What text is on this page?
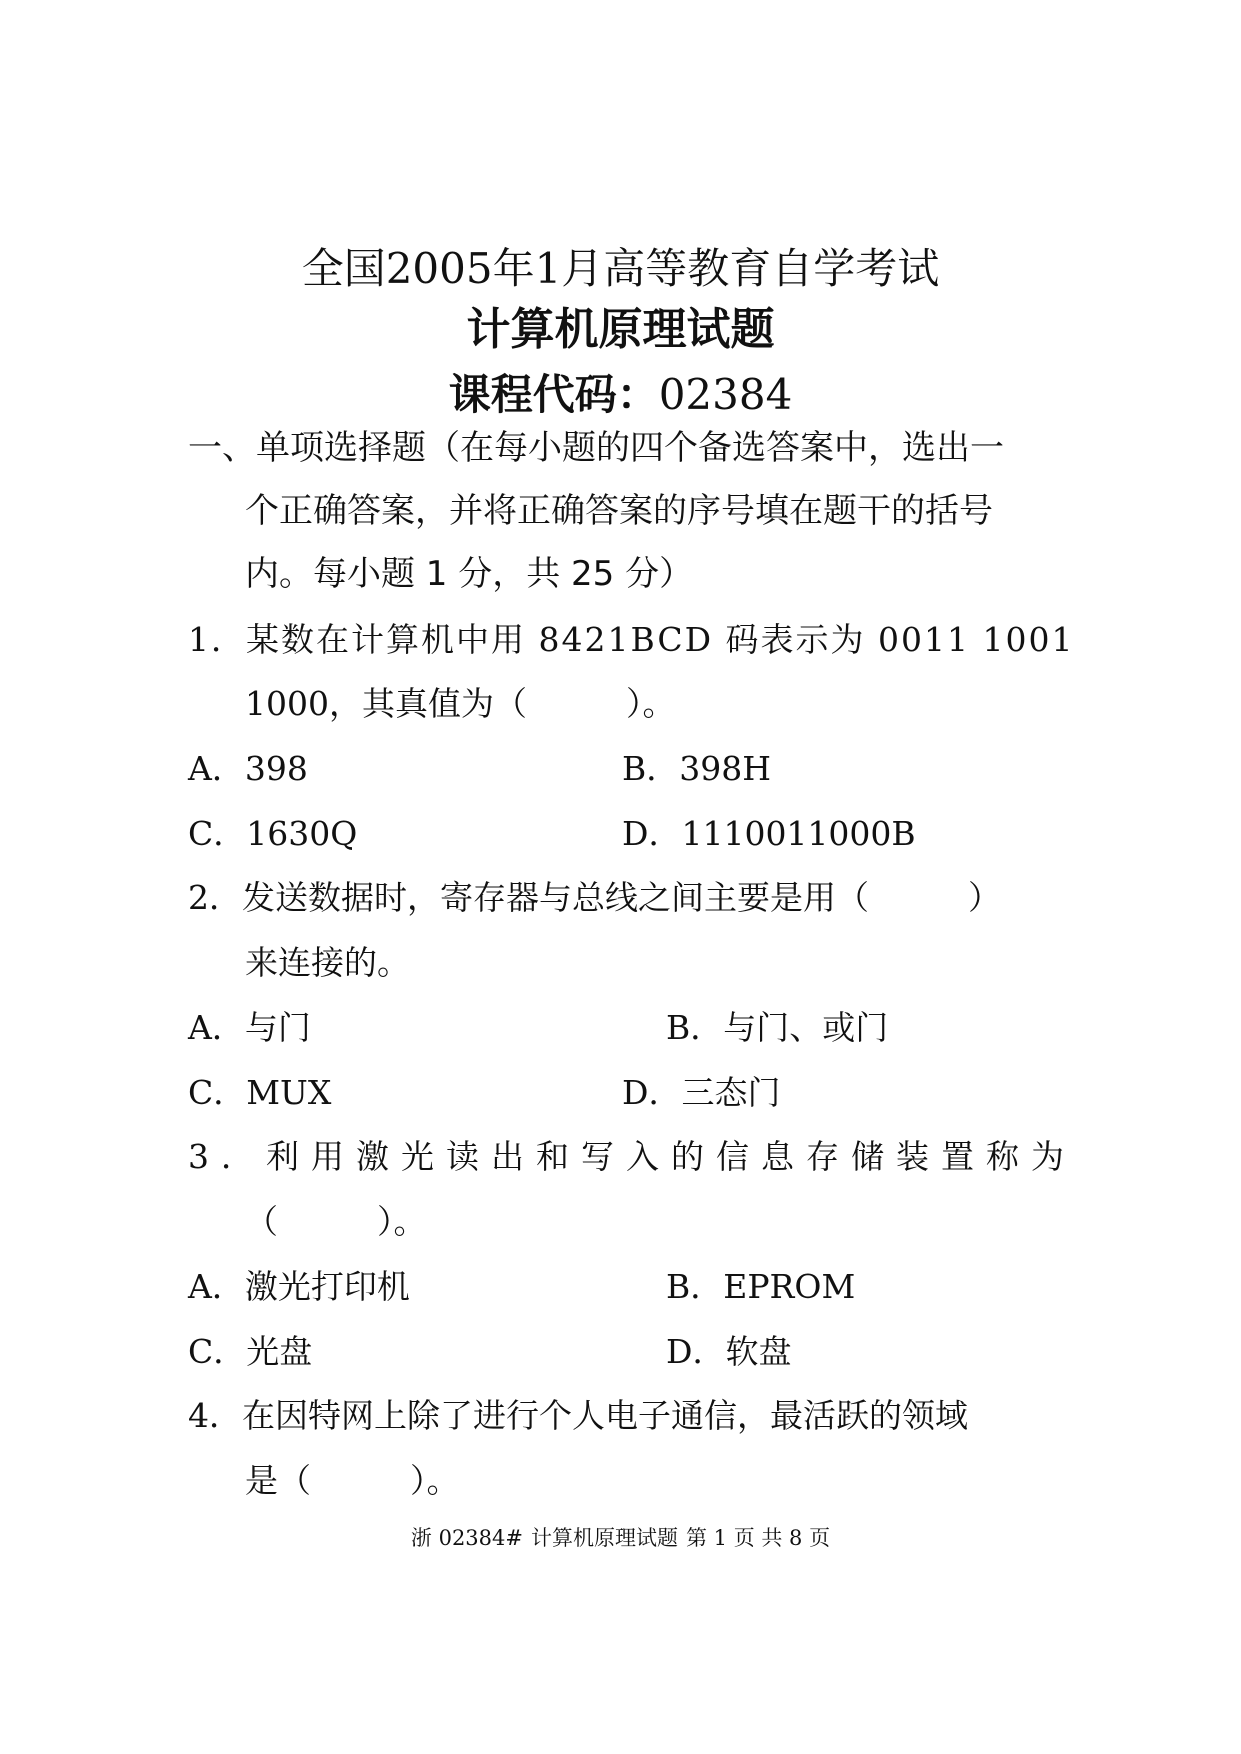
全国2005年1月高等教育自学考试
计算机原理试题
课程代码：02384
一、单项选择题（在每小题的四个备选答案中，选出一
个正确答案，并将正确答案的序号填在题干的括号
内。每小题 1 分，共 25 分）
1．某数在计算机中用 8421BCD 码表示为 0011 1001
1000，其真值为（　　　）。
A．398	B．398H
C．1630Q	D．1110011000B
2．发送数据时，寄存器与总线之间主要是用（　　　）
来连接的。
A．与门	B．与门、或门
C．MUX	D．三态门
3．利用激光读出和写入的信息存储装置称为
（　　　）。
A．激光打印机	B．EPROM
C．光盘	D．软盘
4．在因特网上除了进行个人电子通信，最活跃的领域
是（　　　）。
浙 02384# 计算机原理试题 第 1 页 共 8 页
